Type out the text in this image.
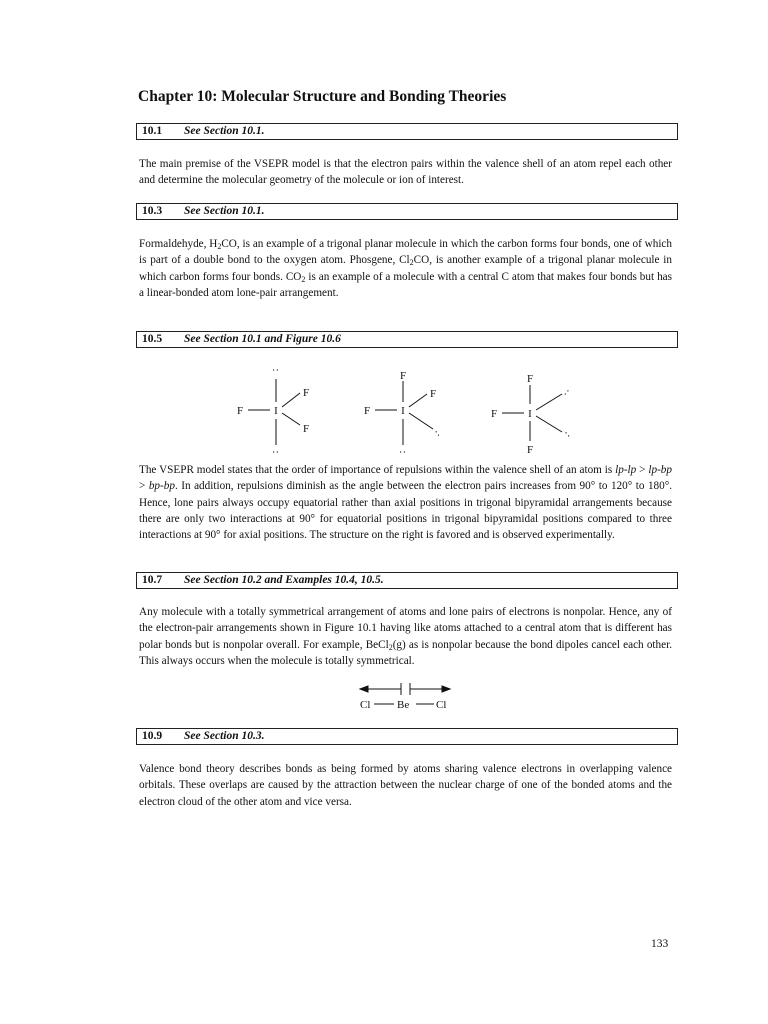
Chapter 10: Molecular Structure and Bonding Theories
10.1 See Section 10.1.

The main premise of the VSEPR model is that the electron pairs within the valence shell of an atom repel each other and determine the molecular geometry of the molecule or ion of interest.

10.3 See Section 10.1.

Formaldehyde, $H_2CO$, is an example of a trigonal planar molecule in which the carbon forms four bonds, one of which is part of a double bond to the oxygen atom. Phosgene, $Cl_2CO$, is another example of a trigonal planar molecule in which carbon forms four bonds. $CO_2$ is an example of a molecule with a central C atom that makes four bonds but has a linear-bonded atom lone-pair arrangement.

10.5 See Section 10.1 and Figure 10.6
:
I
F
F
F
:
F
I
F
F
:
:
F
I
F
F
:
:

The VSEPR model states that the order of importance of repulsions within the valence shell of an atom is lp-lp > lp-bp > bp-bp. In addition, repulsions diminish as the angle between the electron pairs increases from 90° to 120° to 180°. Hence, lone pairs always occupy equatorial rather than axial positions in trigonal bipyramidal arrangements because there are only two interactions at 90° for equatorial positions in trigonal bipyramidal positions compared to three interactions at 90° for axial positions. The structure on the right is favored and is observed experimentally.

10.7 See Section 10.2 and Examples 10.4, 10.5.

Any molecule with a totally symmetrical arrangement of atoms and lone pairs of electrons is nonpolar. Hence, any of the electron-pair arrangements shown in Figure 10.1 having like atoms attached to a central atom that is different has polar bonds but is nonpolar overall. For example, BeCl$_2$(g) as is nonpolar because the bond dipoles cancel each other. This always occurs when the molecule is totally symmetrical.

Cl Be Cl
10.9 See Section 10.3.

Valence bond theory describes bonds as being formed by atoms sharing valence electrons in overlapping valence orbitals. These overlaps are caused by the attraction between the nuclear charge of one of the bonded atoms and the electron cloud of the other atom and vice versa.

133
